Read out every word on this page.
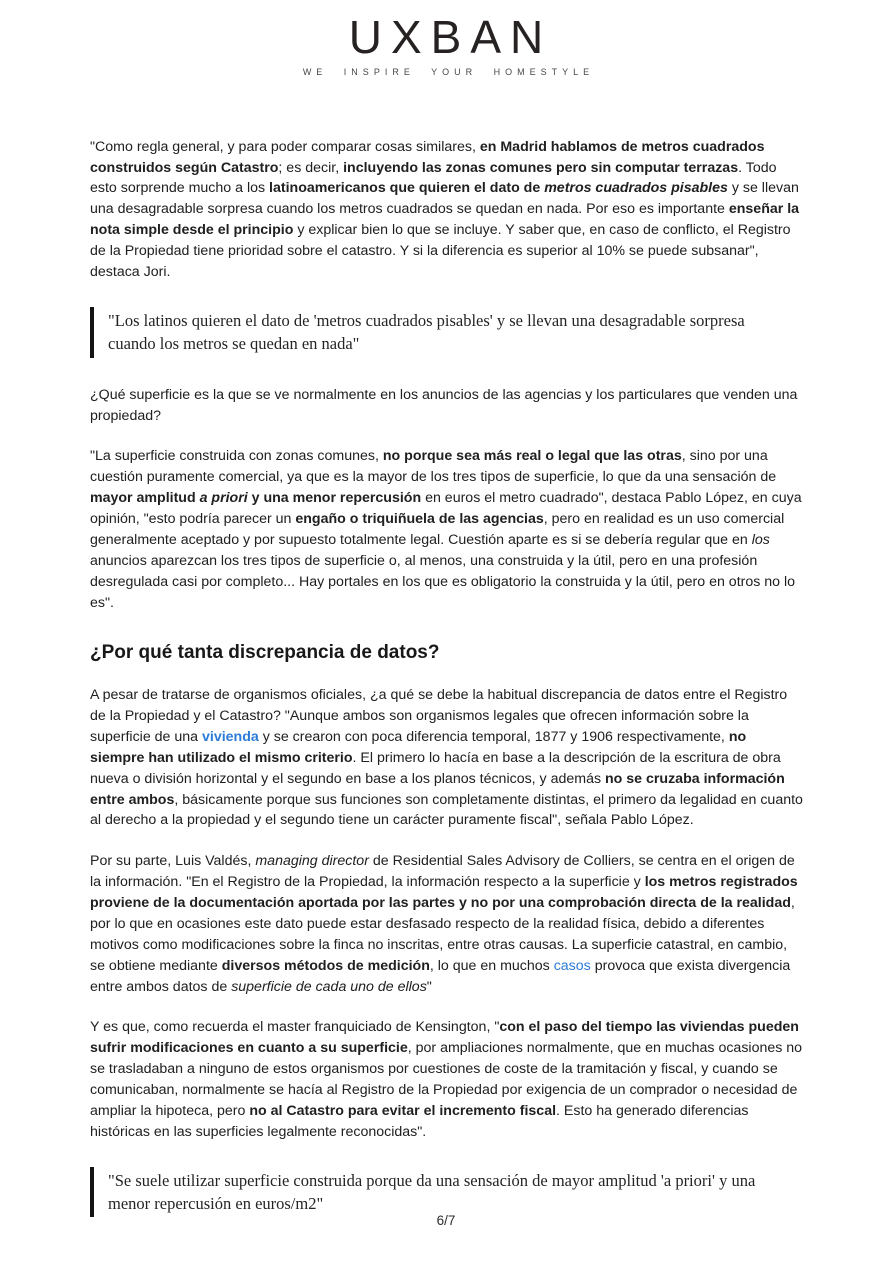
UXBAN
WE INSPIRE YOUR HOMESTYLE

"Como regla general, y para poder comparar cosas similares, en Madrid hablamos de metros cuadrados construidos según Catastro; es decir, incluyendo las zonas comunes pero sin computar terrazas. Todo esto sorprende mucho a los latinoamericanos que quieren el dato de metros cuadrados pisables y se llevan una desagradable sorpresa cuando los metros cuadrados se quedan en nada. Por eso es importante enseñar la nota simple desde el principio y explicar bien lo que se incluye. Y saber que, en caso de conflicto, el Registro de la Propiedad tiene prioridad sobre el catastro. Y si la diferencia es superior al 10% se puede subsanar", destaca Jori.

"Los latinos quieren el dato de 'metros cuadrados pisables' y se llevan una desagradable sorpresa cuando los metros se quedan en nada"

¿Qué superficie es la que se ve normalmente en los anuncios de las agencias y los particulares que venden una propiedad?

"La superficie construida con zonas comunes, no porque sea más real o legal que las otras, sino por una cuestión puramente comercial, ya que es la mayor de los tres tipos de superficie, lo que da una sensación de mayor amplitud a priori y una menor repercusión en euros el metro cuadrado", destaca Pablo López, en cuya opinión, "esto podría parecer un engaño o triquiñuela de las agencias, pero en realidad es un uso comercial generalmente aceptado y por supuesto totalmente legal. Cuestión aparte es si se debería regular que en los anuncios aparezcan los tres tipos de superficie o, al menos, una construida y la útil, pero en una profesión desregulada casi por completo... Hay portales en los que es obligatorio la construida y la útil, pero en otros no lo es".

¿Por qué tanta discrepancia de datos?

A pesar de tratarse de organismos oficiales, ¿a qué se debe la habitual discrepancia de datos entre el Registro de la Propiedad y el Catastro? "Aunque ambos son organismos legales que ofrecen información sobre la superficie de una vivienda y se crearon con poca diferencia temporal, 1877 y 1906 respectivamente, no siempre han utilizado el mismo criterio. El primero lo hacía en base a la descripción de la escritura de obra nueva o división horizontal y el segundo en base a los planos técnicos, y además no se cruzaba información entre ambos, básicamente porque sus funciones son completamente distintas, el primero da legalidad en cuanto al derecho a la propiedad y el segundo tiene un carácter puramente fiscal", señala Pablo López.

Por su parte, Luis Valdés, managing director de Residential Sales Advisory de Colliers, se centra en el origen de la información. "En el Registro de la Propiedad, la información respecto a la superficie y los metros registrados proviene de la documentación aportada por las partes y no por una comprobación directa de la realidad, por lo que en ocasiones este dato puede estar desfasado respecto de la realidad física, debido a diferentes motivos como modificaciones sobre la finca no inscritas, entre otras causas. La superficie catastral, en cambio, se obtiene mediante diversos métodos de medición, lo que en muchos casos provoca que exista divergencia entre ambos datos de superficie de cada uno de ellos"

Y es que, como recuerda el master franquiciado de Kensington, "con el paso del tiempo las viviendas pueden sufrir modificaciones en cuanto a su superficie, por ampliaciones normalmente, que en muchas ocasiones no se trasladaban a ninguno de estos organismos por cuestiones de coste de la tramitación y fiscal, y cuando se comunicaban, normalmente se hacía al Registro de la Propiedad por exigencia de un comprador o necesidad de ampliar la hipoteca, pero no al Catastro para evitar el incremento fiscal. Esto ha generado diferencias históricas en las superficies legalmente reconocidas".

"Se suele utilizar superficie construida porque da una sensación de mayor amplitud 'a priori' y una menor repercusión en euros/m2"
6/7
